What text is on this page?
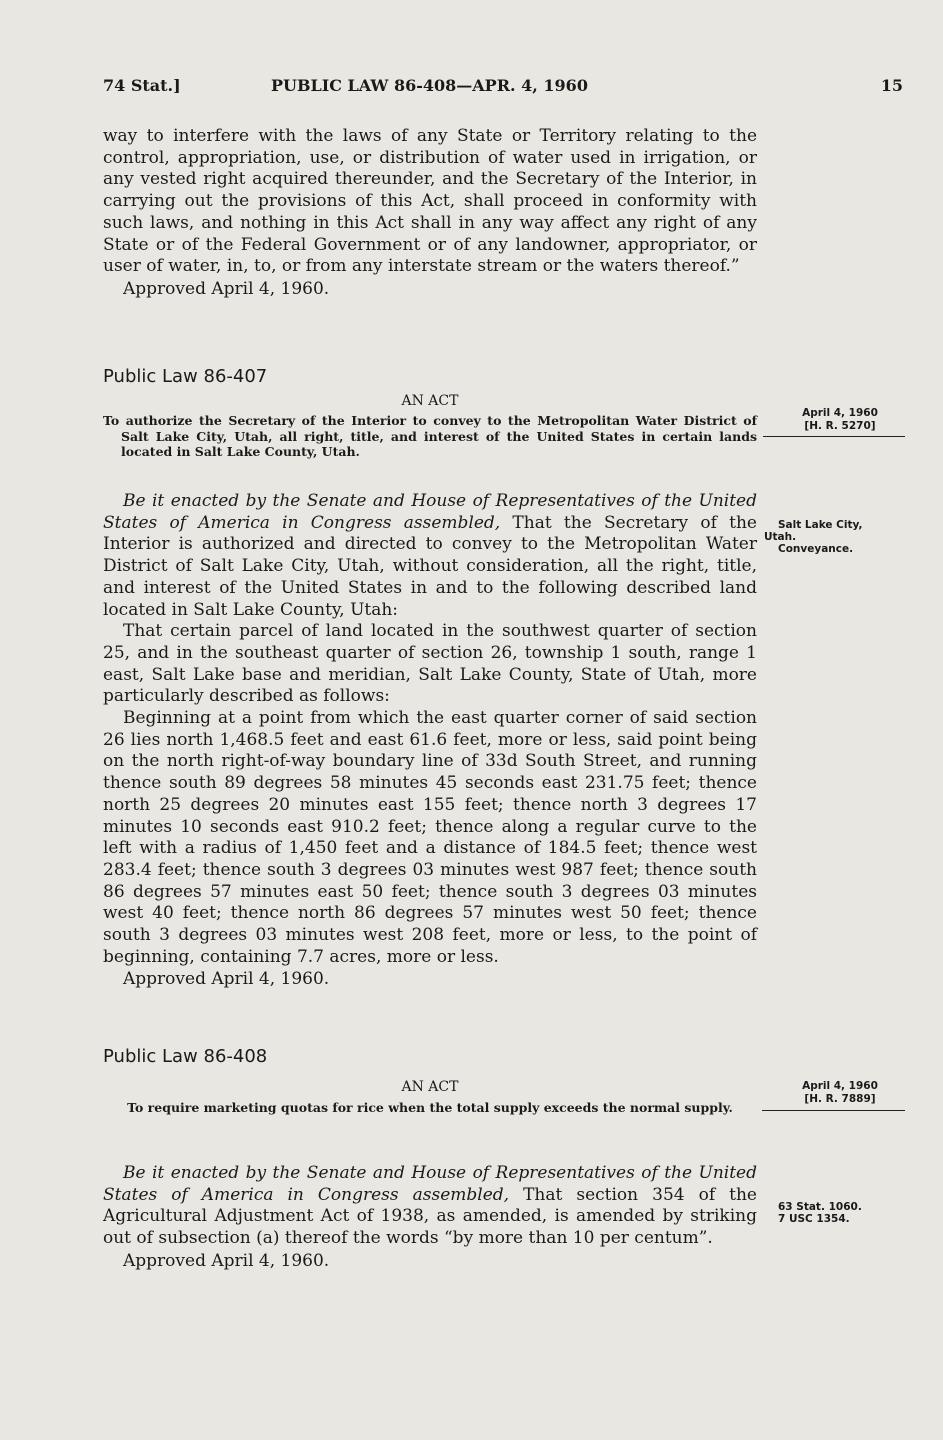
74 Stat.]	PUBLIC LAW 86-408—APR. 4, 1960	15

way to interfere with the laws of any State or Territory relating to the control, appropriation, use, or distribution of water used in irrigation, or any vested right acquired thereunder, and the Secretary of the Interior, in carrying out the provisions of this Act, shall proceed in conformity with such laws, and nothing in this Act shall in any way affect any right of any State or of the Federal Government or of any landowner, appropriator, or user of water, in, to, or from any interstate stream or the waters thereof.”

Approved April 4, 1960.

Public Law 86-407

AN ACT

To authorize the Secretary of the Interior to convey to the Metropolitan Water District of Salt Lake City, Utah, all right, title, and interest of the United States in certain lands located in Salt Lake County, Utah.

Be it enacted by the Senate and House of Representatives of the United States of America in Congress assembled, That the Secretary of the Interior is authorized and directed to convey to the Metropolitan Water District of Salt Lake City, Utah, without consideration, all the right, title, and interest of the United States in and to the following described land located in Salt Lake County, Utah:

That certain parcel of land located in the southwest quarter of section 25, and in the southeast quarter of section 26, township 1 south, range 1 east, Salt Lake base and meridian, Salt Lake County, State of Utah, more particularly described as follows:

Beginning at a point from which the east quarter corner of said section 26 lies north 1,468.5 feet and east 61.6 feet, more or less, said point being on the north right-of-way boundary line of 33d South Street, and running thence south 89 degrees 58 minutes 45 seconds east 231.75 feet; thence north 25 degrees 20 minutes east 155 feet; thence north 3 degrees 17 minutes 10 seconds east 910.2 feet; thence along a regular curve to the left with a radius of 1,450 feet and a distance of 184.5 feet; thence west 283.4 feet; thence south 3 degrees 03 minutes west 987 feet; thence south 86 degrees 57 minutes east 50 feet; thence south 3 degrees 03 minutes west 40 feet; thence north 86 degrees 57 minutes west 50 feet; thence south 3 degrees 03 minutes west 208 feet, more or less, to the point of beginning, containing 7.7 acres, more or less.

Approved April 4, 1960.

April 4, 1960
[H. R. 5270]
Salt Lake City,
Utah.
Conveyance.

Public Law 86-408

AN ACT

To require marketing quotas for rice when the total supply exceeds the normal supply.

Be it enacted by the Senate and House of Representatives of the United States of America in Congress assembled, That section 354 of the Agricultural Adjustment Act of 1938, as amended, is amended by striking out of subsection (a) thereof the words “by more than 10 per centum”.

Approved April 4, 1960.

April 4, 1960
[H. R. 7889]
63 Stat. 1060.
7 USC 1354.
